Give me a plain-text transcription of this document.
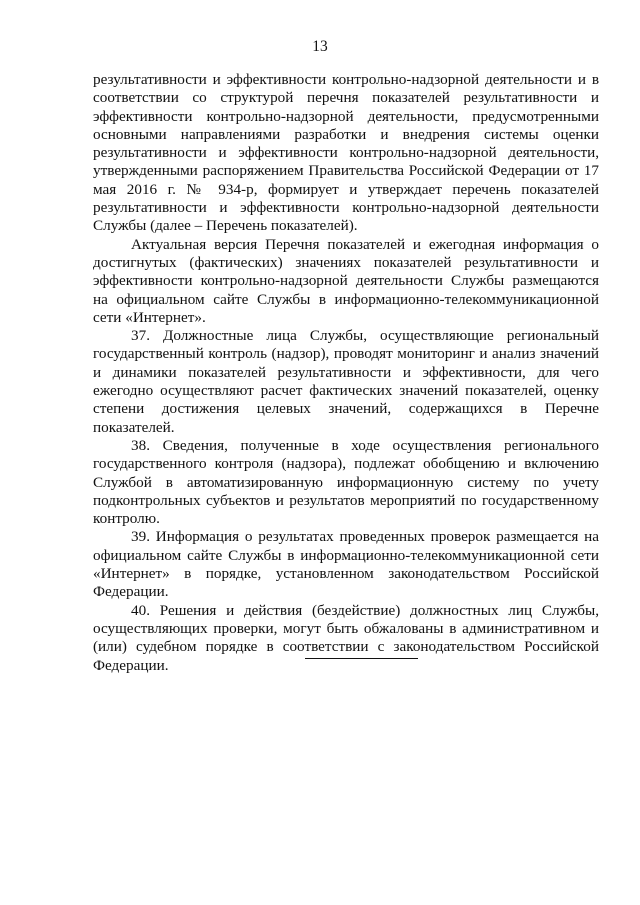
13

результативности и эффективности контрольно-надзорной деятельности и в соответствии со структурой перечня показателей результативности и эффективности контрольно-надзорной деятельности, предусмотренными основными направлениями разработки и внедрения системы оценки результативности и эффективности контрольно-надзорной деятельности, утвержденными распоряжением Правительства Российской Федерации от 17 мая 2016 г. № 934-р, формирует и утверждает перечень показателей результативности и эффективности контрольно-надзорной деятельности Службы (далее – Перечень показателей).

Актуальная версия Перечня показателей и ежегодная информация о достигнутых (фактических) значениях показателей результативности и эффективности контрольно-надзорной деятельности Службы размещаются на официальном сайте Службы в информационно-телекоммуникационной сети «Интернет».

37. Должностные лица Службы, осуществляющие региональный государственный контроль (надзор), проводят мониторинг и анализ значений и динамики показателей результативности и эффективности, для чего ежегодно осуществляют расчет фактических значений показателей, оценку степени достижения целевых значений, содержащихся в Перечне показателей.

38. Сведения, полученные в ходе осуществления регионального государственного контроля (надзора), подлежат обобщению и включению Службой в автоматизированную информационную систему по учету подконтрольных субъектов и результатов мероприятий по государственному контролю.

39. Информация о результатах проведенных проверок размещается на официальном сайте Службы в информационно-телекоммуникационной сети «Интернет» в порядке, установленном законодательством Российской Федерации.

40. Решения и действия (бездействие) должностных лиц Службы, осуществляющих проверки, могут быть обжалованы в административном и (или) судебном порядке в соответствии с законодательством Российской Федерации.
